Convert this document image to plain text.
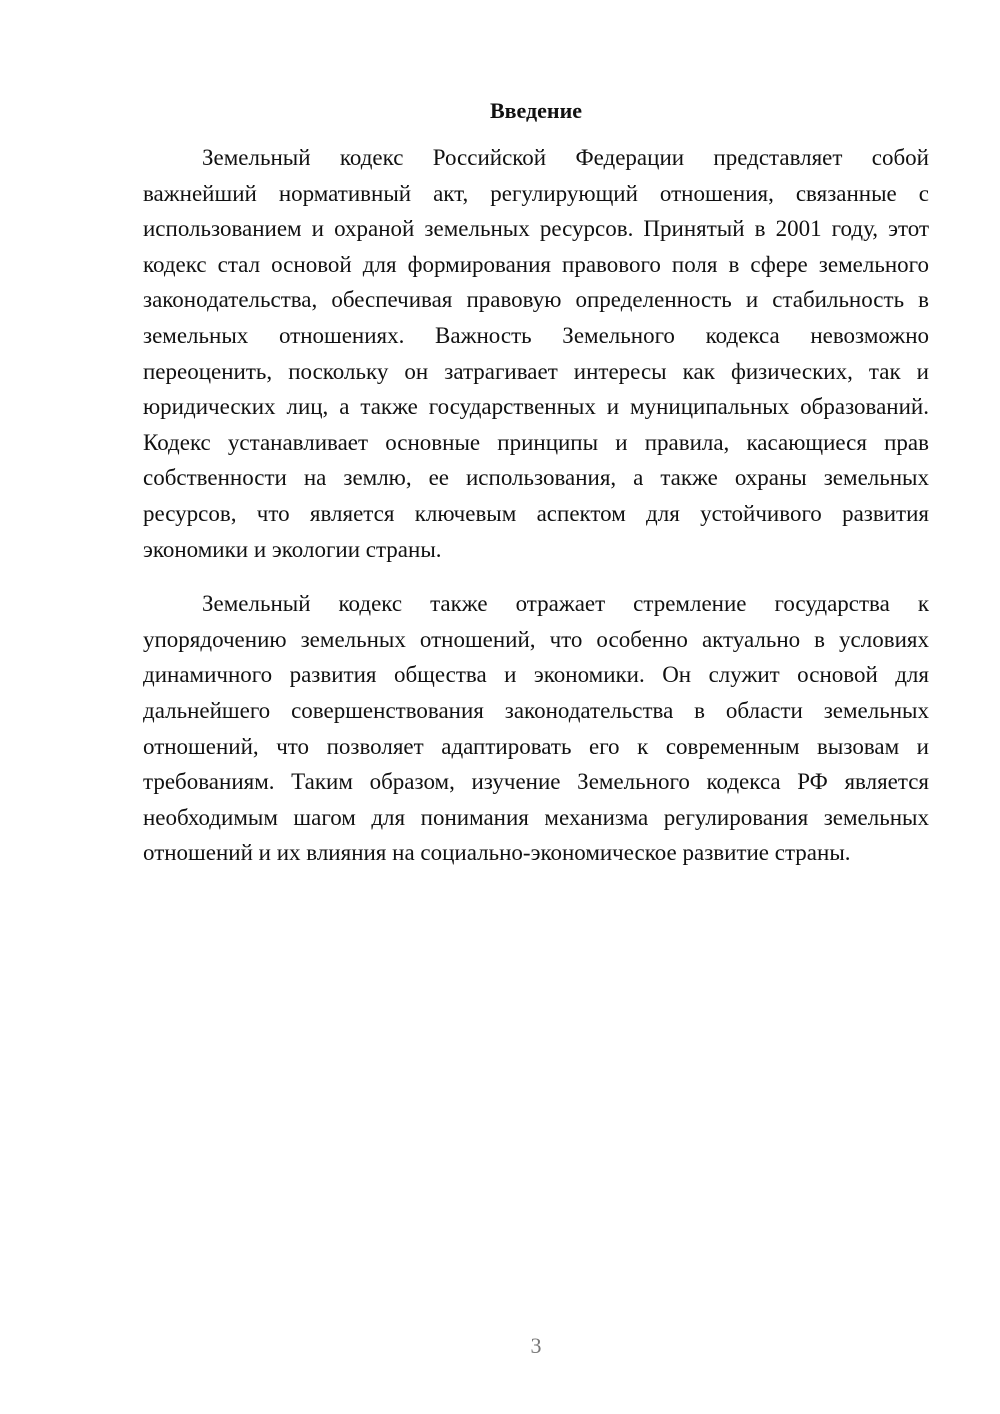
Введение

Земельный кодекс Российской Федерации представляет собой важнейший нормативный акт, регулирующий отношения, связанные с использованием и охраной земельных ресурсов. Принятый в 2001 году, этот кодекс стал основой для формирования правового поля в сфере земельного законодательства, обеспечивая правовую определенность и стабильность в земельных отношениях. Важность Земельного кодекса невозможно переоценить, поскольку он затрагивает интересы как физических, так и юридических лиц, а также государственных и муниципальных образований. Кодекс устанавливает основные принципы и правила, касающиеся прав собственности на землю, ее использования, а также охраны земельных ресурсов, что является ключевым аспектом для устойчивого развития экономики и экологии страны.

Земельный кодекс также отражает стремление государства к упорядочению земельных отношений, что особенно актуально в условиях динамичного развития общества и экономики. Он служит основой для дальнейшего совершенствования законодательства в области земельных отношений, что позволяет адаптировать его к современным вызовам и требованиям. Таким образом, изучение Земельного кодекса РФ является необходимым шагом для понимания механизма регулирования земельных отношений и их влияния на социально-экономическое развитие страны.

3
